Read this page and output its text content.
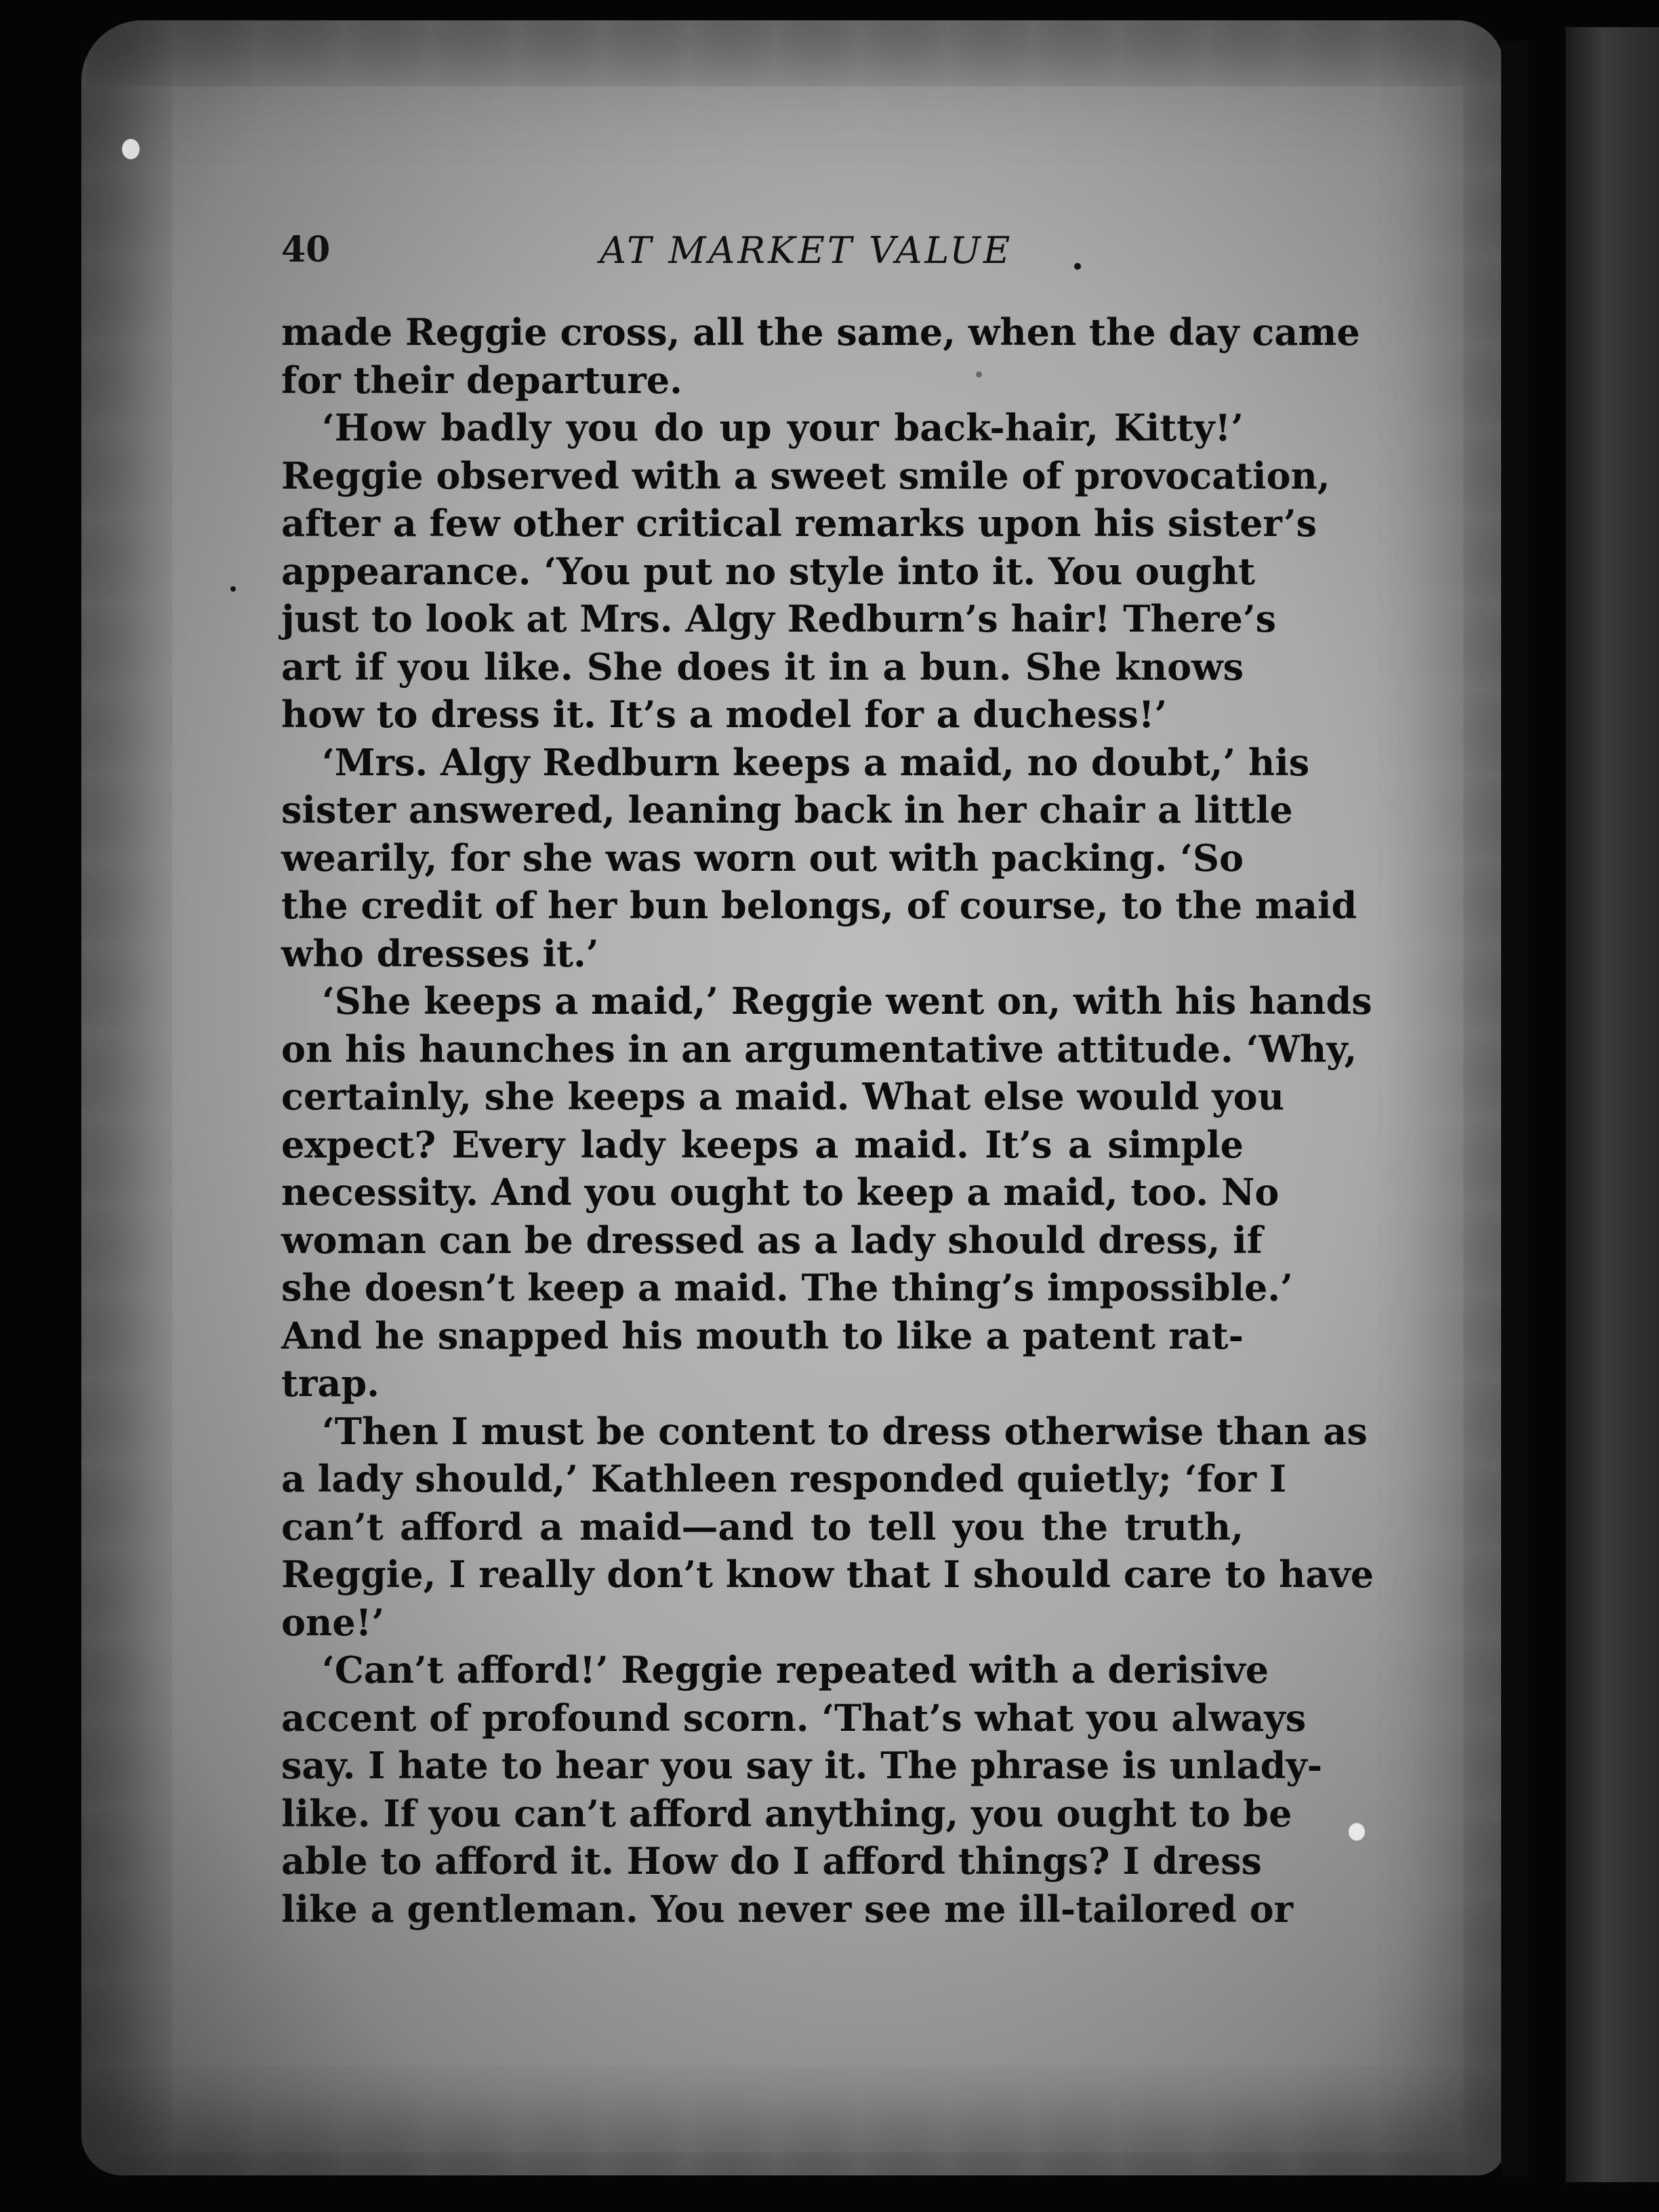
40	AT MARKET VALUE
made Reggie cross, all the same, when the day came
for their departure.
‘How badly you do up your back-hair, Kitty!’
Reggie observed with a sweet smile of provocation,
after a few other critical remarks upon his sister’s
appearance. ‘You put no style into it. You ought
just to look at Mrs. Algy Redburn’s hair! There’s
art if you like. She does it in a bun. She knows
how to dress it. It’s a model for a duchess!’
‘Mrs. Algy Redburn keeps a maid, no doubt,’ his
sister answered, leaning back in her chair a little
wearily, for she was worn out with packing. ‘So
the credit of her bun belongs, of course, to the maid
who dresses it.’
‘She keeps a maid,’ Reggie went on, with his hands
on his haunches in an argumentative attitude. ‘Why,
certainly, she keeps a maid. What else would you
expect? Every lady keeps a maid. It’s a simple
necessity. And you ought to keep a maid, too. No
woman can be dressed as a lady should dress, if
she doesn’t keep a maid. The thing’s impossible.’
And he snapped his mouth to like a patent rat-
trap.
‘Then I must be content to dress otherwise than as
a lady should,’ Kathleen responded quietly; ‘for I
can’t afford a maid—and to tell you the truth,
Reggie, I really don’t know that I should care to have
one!’
‘Can’t afford!’ Reggie repeated with a derisive
accent of profound scorn. ‘That’s what you always
say. I hate to hear you say it. The phrase is unlady-
like. If you can’t afford anything, you ought to be
able to afford it. How do I afford things? I dress
like a gentleman. You never see me ill-tailored or
